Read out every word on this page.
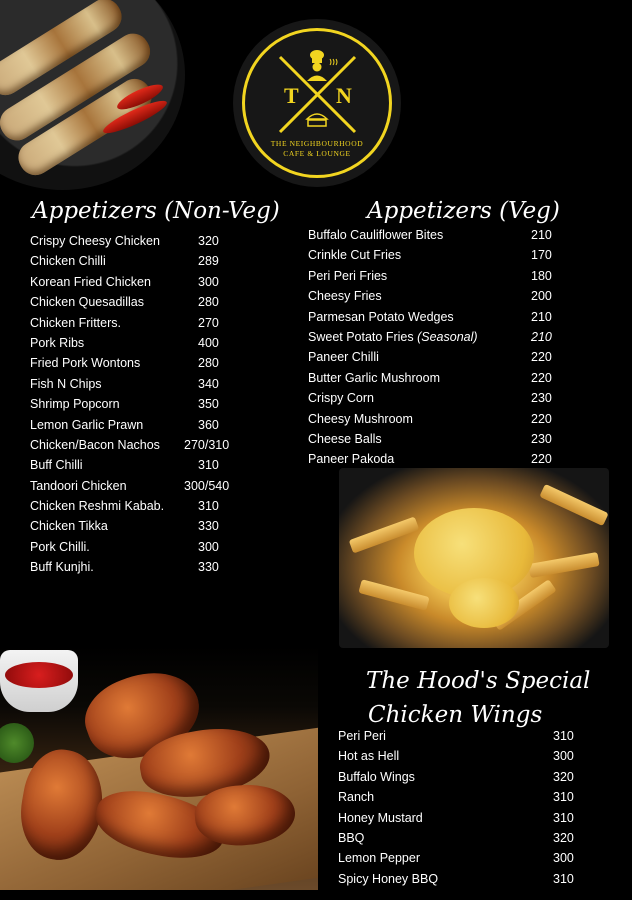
T N
THE NEIGHBOURHOOD
CAFE & LOUNGE
Appetizers (Non-Veg)
Crispy Cheesy Chicken	320
Chicken Chilli	289
Korean Fried Chicken	300
Chicken Quesadillas	280
Chicken Fritters.	270
Pork Ribs	400
Fried Pork Wontons	280
Fish N Chips	340
Shrimp Popcorn	350
Lemon Garlic Prawn	360
Chicken/Bacon Nachos 270/310
Buff Chilli	310
Tandoori Chicken	300/540
Chicken Reshmi Kabab.	310
Chicken Tikka	330
Pork Chilli.	300
Buff Kunjhi.	330
Appetizers (Veg)
Buffalo Cauliflower Bites	210
Crinkle Cut Fries	170
Peri Peri Fries	180
Cheesy Fries	200
Parmesan Potato Wedges	210
Sweet Potato Fries (Seasonal)	210
Paneer Chilli	220
Butter Garlic Mushroom	220
Crispy Corn	230
Cheesy Mushroom	220
Cheese Balls	230
Paneer Pakoda	220
The Hood's Special
Chicken Wings
Peri Peri	310
Hot as Hell	300
Buffalo Wings	320
Ranch	310
Honey Mustard	310
BBQ	320
Lemon Pepper	300
Spicy Honey BBQ	310
